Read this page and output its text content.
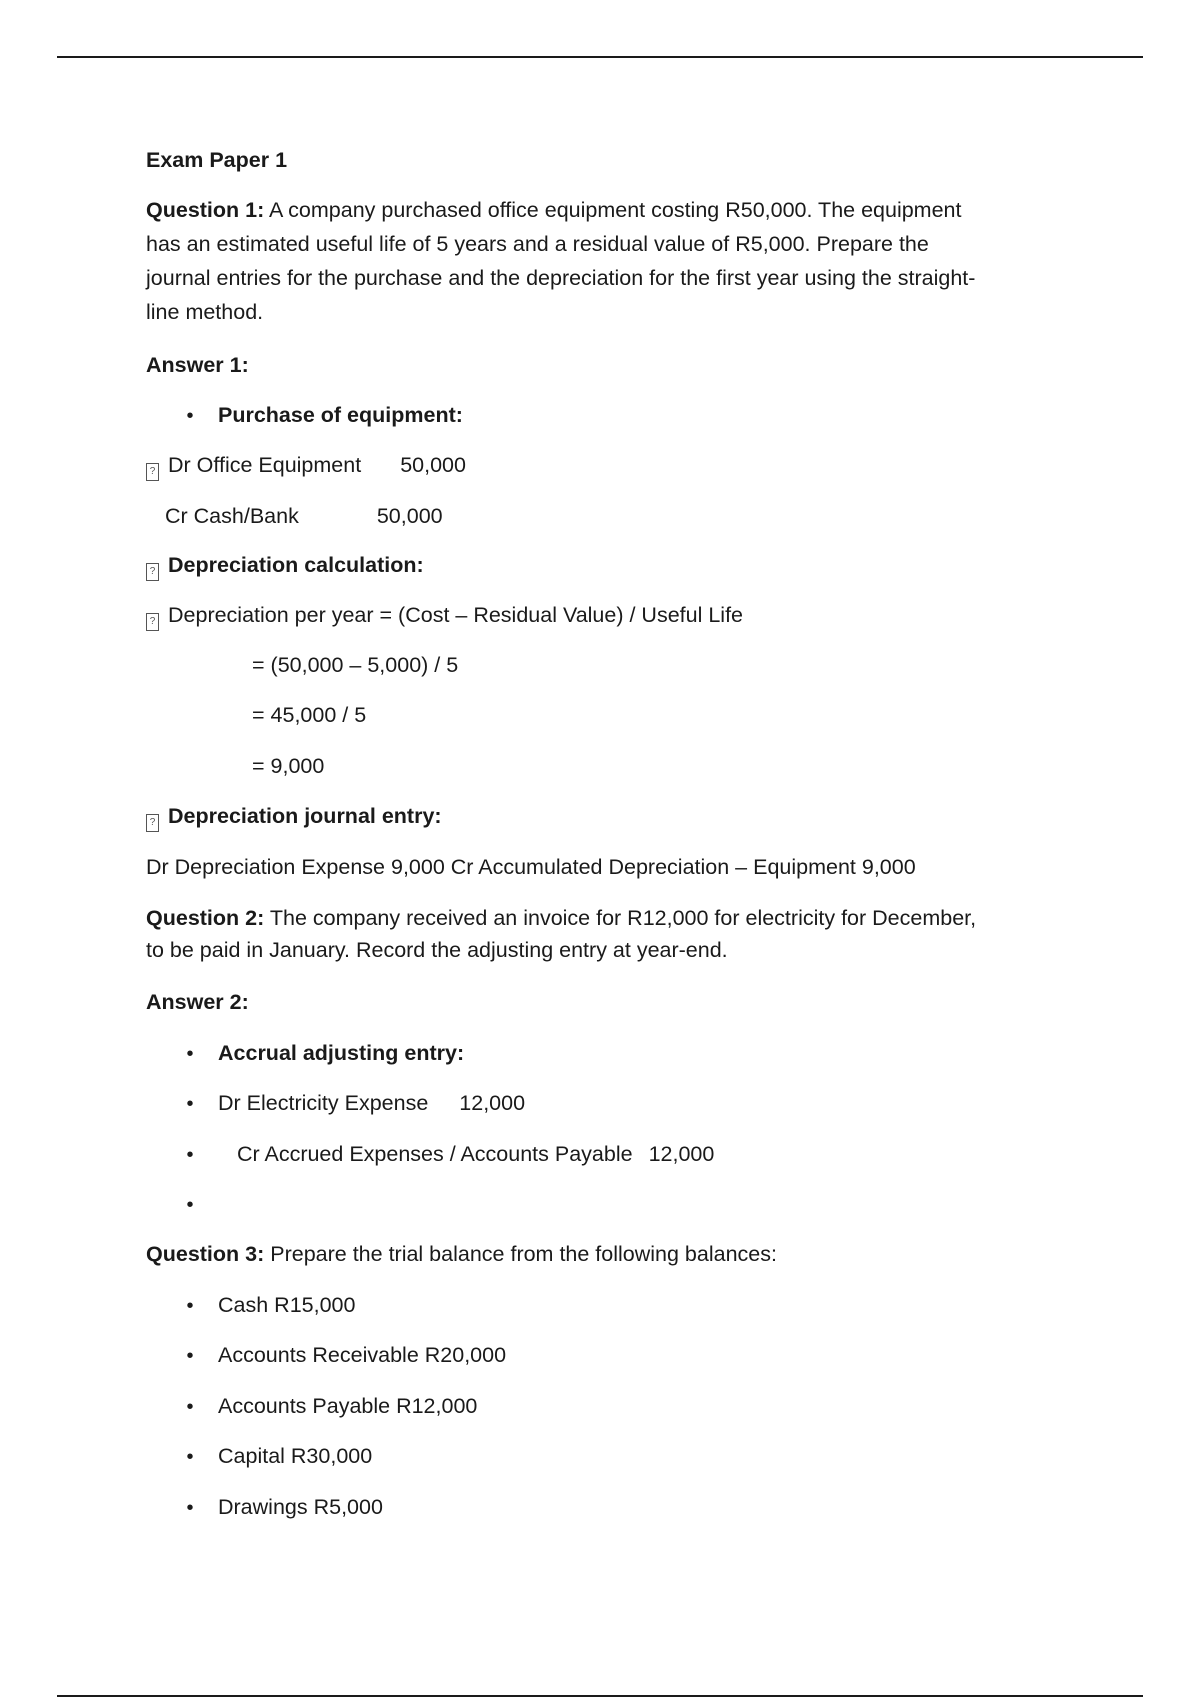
Exam Paper 1
Question 1: A company purchased office equipment costing R50,000. The equipment
has an estimated useful life of 5 years and a residual value of R5,000. Prepare the
journal entries for the purchase and the depreciation for the first year using the straight-
line method.
Answer 1:
•
Purchase of equipment:
? Dr Office Equipment 50,000
Cr Cash/Bank	50,000
? Depreciation calculation:
? Depreciation per year = (Cost – Residual Value) / Useful Life
= (50,000 – 5,000) / 5
= 45,000 / 5
= 9,000
? Depreciation journal entry:
Dr Depreciation Expense 9,000 Cr Accumulated Depreciation – Equipment 9,000
Question 2: The company received an invoice for R12,000 for electricity for December,
to be paid in January. Record the adjusting entry at year-end.
Answer 2:
•
Accrual adjusting entry:
•
Dr Electricity Expense 12,000
•
Cr Accrued Expenses / Accounts Payable 12,000
•
Question 3: Prepare the trial balance from the following balances:
•
Cash R15,000
•
Accounts Receivable R20,000
•
Accounts Payable R12,000
•
Capital R30,000
•
Drawings R5,000
